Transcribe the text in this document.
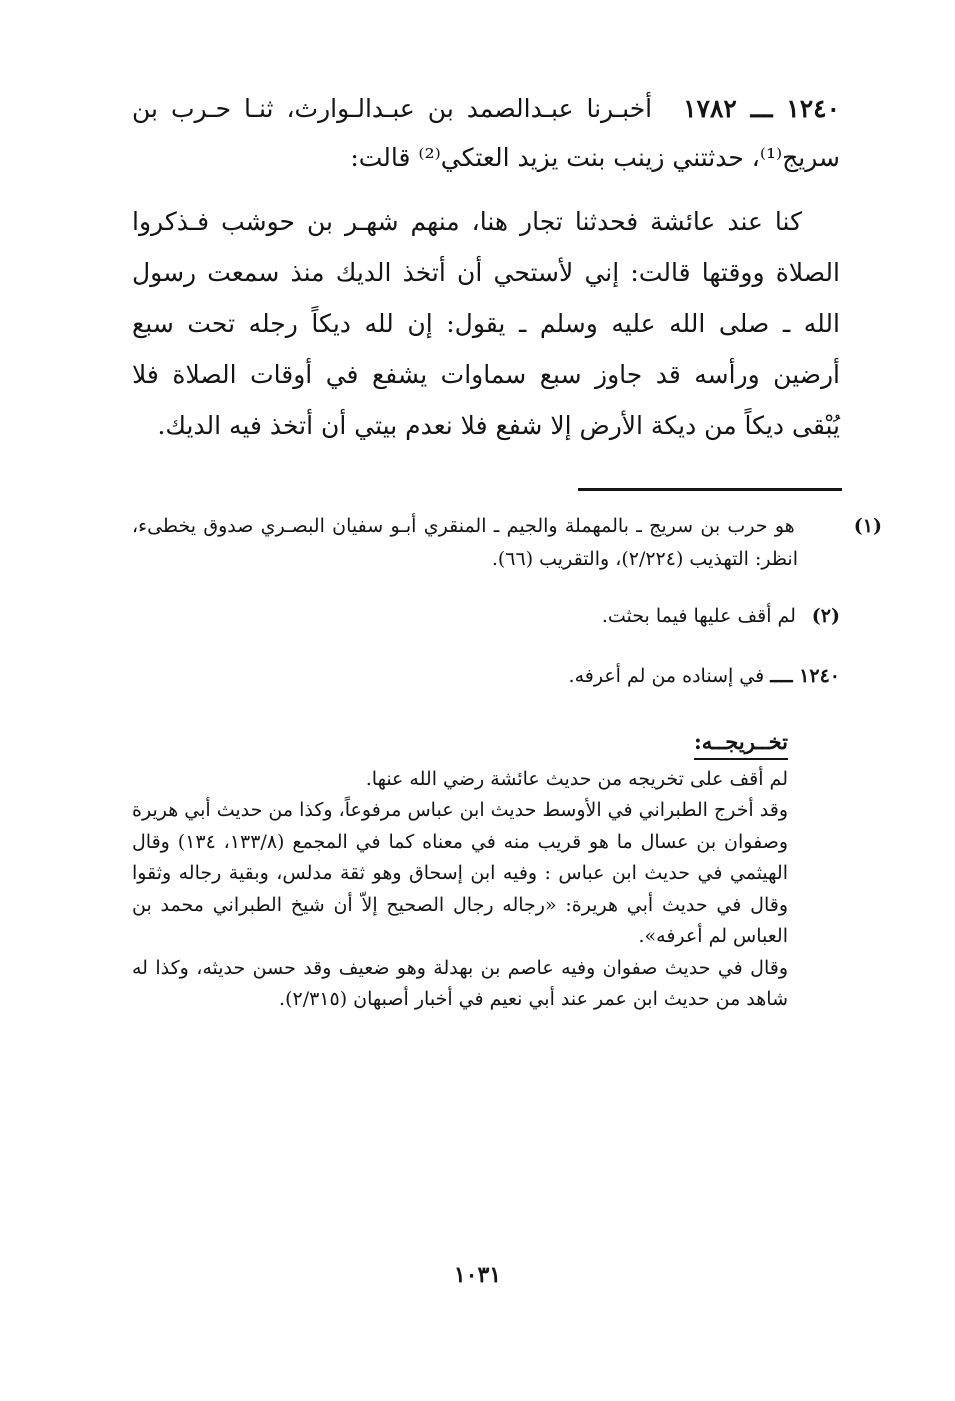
١٢٤٠ ـــ ١٧٨٢ أخبـرنا عبـدالصمد بن عبـدالـوارث، ثنـا حـرب بن سريج⁽¹⁾، حدثتني زينب بنت يزيد العتكي⁽²⁾ قالت:

كنا عند عائشة فحدثنا تجار هنا، منهم شهـر بن حوشب فـذكروا الصلاة ووقتها قالت: إني لأستحي أن أتخذ الديك منذ سمعت رسول الله ـ صلى الله عليه وسلم ـ يقول: إن لله ديكاً رجله تحت سبع أرضين ورأسه قد جاوز سبع سماوات يشفع في أوقات الصلاة فلا يُبْقى ديكاً من ديكة الأرض إلا شفع فلا نعدم بيتي أن أتخذ فيه الديك.

(١) هو حرب بن سريج ـ بالمهملة والجيم ـ المنقري أبـو سفيان البصـري صدوق يخطىء، انظر: التهذيب (٢/٢٢٤)، والتقريب (٦٦).
(٢) لم أقف عليها فيما بحثت.
١٢٤٠ ــــ في إسناده من لم أعرفه.
تخــريجــه:

لم أقف على تخريجه من حديث عائشة رضي الله عنها.

وقد أخرج الطبراني في الأوسط حديث ابن عباس مرفوعاً، وكذا من حديث أبي هريرة وصفوان بن عسال ما هو قريب منه في معناه كما في المجمع (١٣٣/٨، ١٣٤) وقال الهيثمي في حديث ابن عباس : وفيه ابن إسحاق وهو ثقة مدلس، وبقية رجاله وثقوا وقال في حديث أبي هريرة: «رجاله رجال الصحيح إلاّ أن شيخ الطبراني محمد بن العباس لم أعرفه».

وقال في حديث صفوان وفيه عاصم بن بهدلة وهو ضعيف وقد حسن حديثه، وكذا له شاهد من حديث ابن عمر عند أبي نعيم في أخبار أصبهان (٢/٣١٥).

١٠٣١
